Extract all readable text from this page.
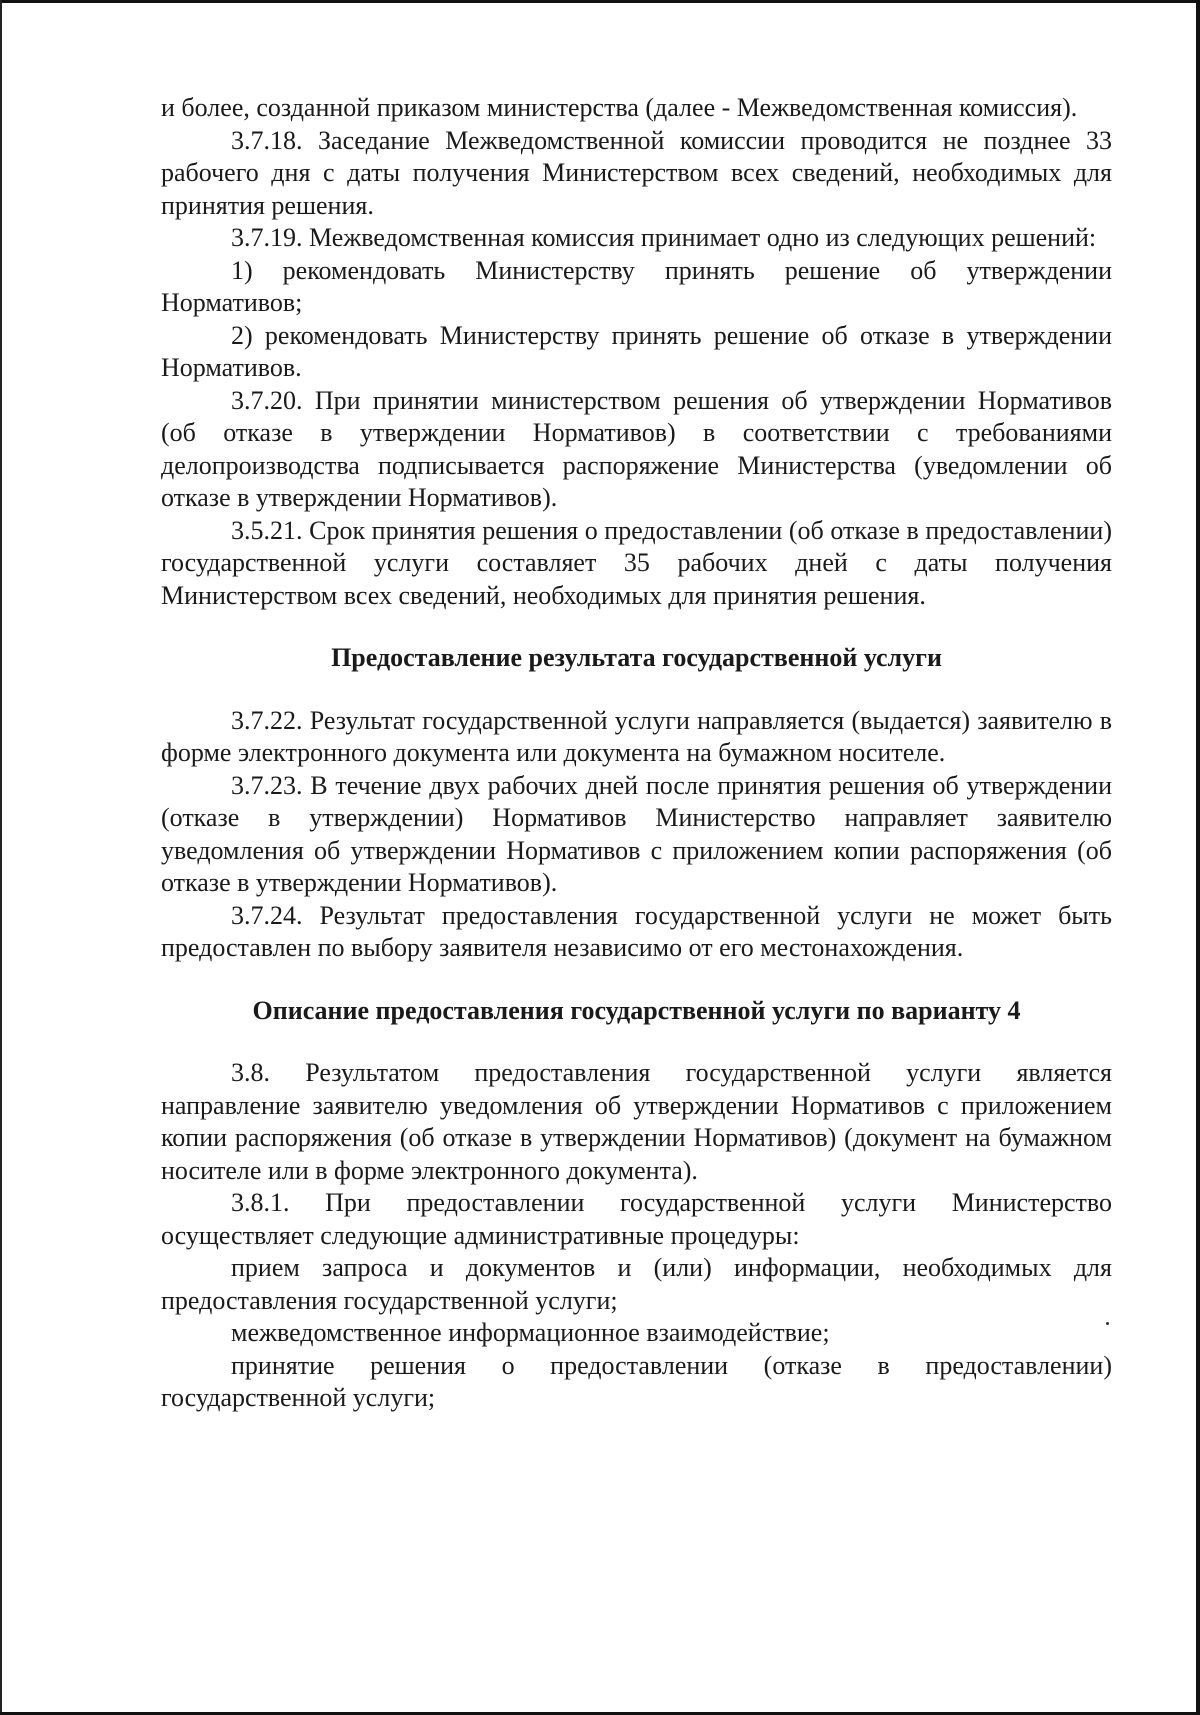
и более, созданной приказом министерства (далее - Межведомственная комиссия).

3.7.18. Заседание Межведомственной комиссии проводится не позднее 33 рабочего дня с даты получения Министерством всех сведений, необходимых для принятия решения.

3.7.19. Межведомственная комиссия принимает одно из следующих решений:

1) рекомендовать Министерству принять решение об утверждении Нормативов;

2) рекомендовать Министерству принять решение об отказе в утверждении Нормативов.

3.7.20. При принятии министерством решения об утверждении Нормативов (об отказе в утверждении Нормативов) в соответствии с требованиями делопроизводства подписывается распоряжение Министерства (уведомлении об отказе в утверждении Нормативов).

3.5.21. Срок принятия решения о предоставлении (об отказе в предоставлении) государственной услуги составляет 35 рабочих дней с даты получения Министерством всех сведений, необходимых для принятия решения.

Предоставление результата государственной услуги

3.7.22. Результат государственной услуги направляется (выдается) заявителю в форме электронного документа или документа на бумажном носителе.

3.7.23. В течение двух рабочих дней после принятия решения об утверждении (отказе в утверждении) Нормативов Министерство направляет заявителю уведомления об утверждении Нормативов с приложением копии распоряжения (об отказе в утверждении Нормативов).

3.7.24. Результат предоставления государственной услуги не может быть предоставлен по выбору заявителя независимо от его местонахождения.

Описание предоставления государственной услуги по варианту 4

3.8. Результатом предоставления государственной услуги является направление заявителю уведомления об утверждении Нормативов с приложением копии распоряжения (об отказе в утверждении Нормативов) (документ на бумажном носителе или в форме электронного документа).

3.8.1. При предоставлении государственной услуги Министерство осуществляет следующие административные процедуры:

прием запроса и документов и (или) информации, необходимых для предоставления государственной услуги;

межведомственное информационное взаимодействие;

принятие решения о предоставлении (отказе в предоставлении) государственной услуги;
